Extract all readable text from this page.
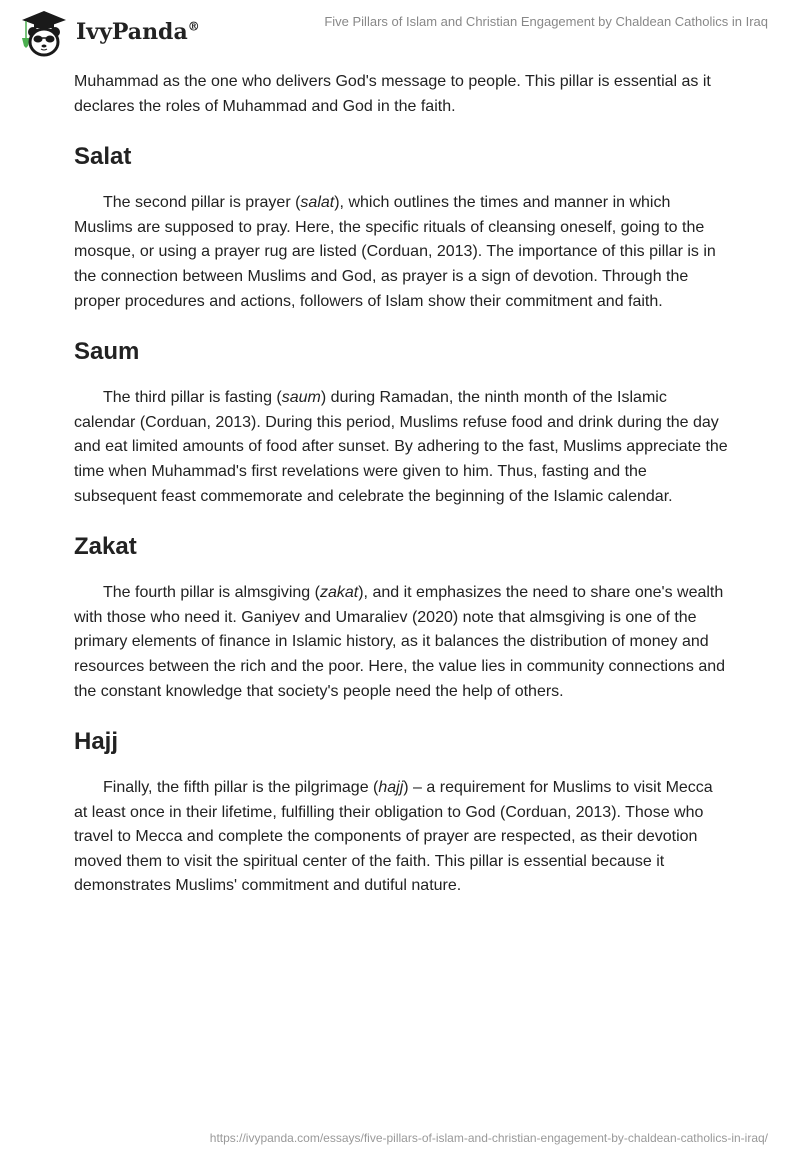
IvyPanda®	Five Pillars of Islam and Christian Engagement by Chaldean Catholics in Iraq

Muhammad as the one who delivers God's message to people. This pillar is essential as it declares the roles of Muhammad and God in the faith.

Salat

The second pillar is prayer (salat), which outlines the times and manner in which Muslims are supposed to pray. Here, the specific rituals of cleansing oneself, going to the mosque, or using a prayer rug are listed (Corduan, 2013). The importance of this pillar is in the connection between Muslims and God, as prayer is a sign of devotion. Through the proper procedures and actions, followers of Islam show their commitment and faith.

Saum

The third pillar is fasting (saum) during Ramadan, the ninth month of the Islamic calendar (Corduan, 2013). During this period, Muslims refuse food and drink during the day and eat limited amounts of food after sunset. By adhering to the fast, Muslims appreciate the time when Muhammad's first revelations were given to him. Thus, fasting and the subsequent feast commemorate and celebrate the beginning of the Islamic calendar.

Zakat

The fourth pillar is almsgiving (zakat), and it emphasizes the need to share one's wealth with those who need it. Ganiyev and Umaraliev (2020) note that almsgiving is one of the primary elements of finance in Islamic history, as it balances the distribution of money and resources between the rich and the poor. Here, the value lies in community connections and the constant knowledge that society's people need the help of others.

Hajj

Finally, the fifth pillar is the pilgrimage (hajj) – a requirement for Muslims to visit Mecca at least once in their lifetime, fulfilling their obligation to God (Corduan, 2013). Those who travel to Mecca and complete the components of prayer are respected, as their devotion moved them to visit the spiritual center of the faith. This pillar is essential because it demonstrates Muslims' commitment and dutiful nature.

https://ivypanda.com/essays/five-pillars-of-islam-and-christian-engagement-by-chaldean-catholics-in-iraq/
